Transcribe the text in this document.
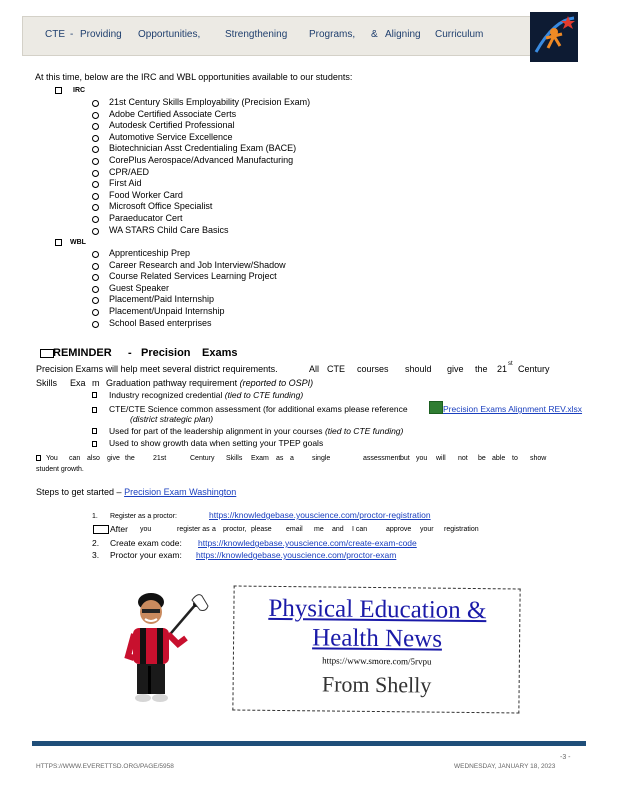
CTE - Providing Opportunities, Strengthening Programs, & Aligning Curriculum
At this time, below are the IRC and WBL opportunities available to our students:
IRC
21st Century Skills Employability (Precision Exam)
Adobe Certified Associate Certs
Autodesk Certified Professional
Automotive Service Excellence
Biotechnician Asst Credentialing Exam (BACE)
CorePlus Aerospace/Advanced Manufacturing
CPR/AED
First Aid
Food Worker Card
Microsoft Office Specialist
Paraeducator Cert
WA STARS Child Care Basics
WBL
Apprenticeship Prep
Career Research and Job Interview/Shadow
Course Related Services Learning Project
Guest Speaker
Placement/Paid Internship
Placement/Unpaid Internship
School Based enterprises
REMINDER - Precision Exams
Precision Exams will help meet several district requirements.	All CTE courses should give the 21 st Century
Skills Exa m Graduation pathway requirement (reported to OSPI)
Industry recognized credential (tied to CTE funding)
CTE/CTE Science common assessment (for additional exams please reference	Precision Exams Alignment REV.xlsx
(district strategic plan)
Used for part of the leadership alignment in your courses (tied to CTE funding)
Used to show growth data when setting your TPEP goals
You can also give the	21st	Century Skills Exam as a	single	assessment but you will not be able to show
student growth.
Steps to get started – Precision Exam Washington
1. Register as a proctor:	https://knowledgebase.youscience.com/proctor-registration
After you	register as a proctor, please email me and I can	approve your registration
2. Create exam code: https://knowledgebase.youscience.com/create-exam-code
3. Proctor your exam: https://knowledgebase.youscience.com/proctor-exam
Physical Education &
Health News
https://www.smore.com/5rvpu
From Shelly
HTTPS://WWW.EVERETTSD.ORG/PAGE/5958
-3 -
WEDNESDAY, JANUARY 18, 2023
